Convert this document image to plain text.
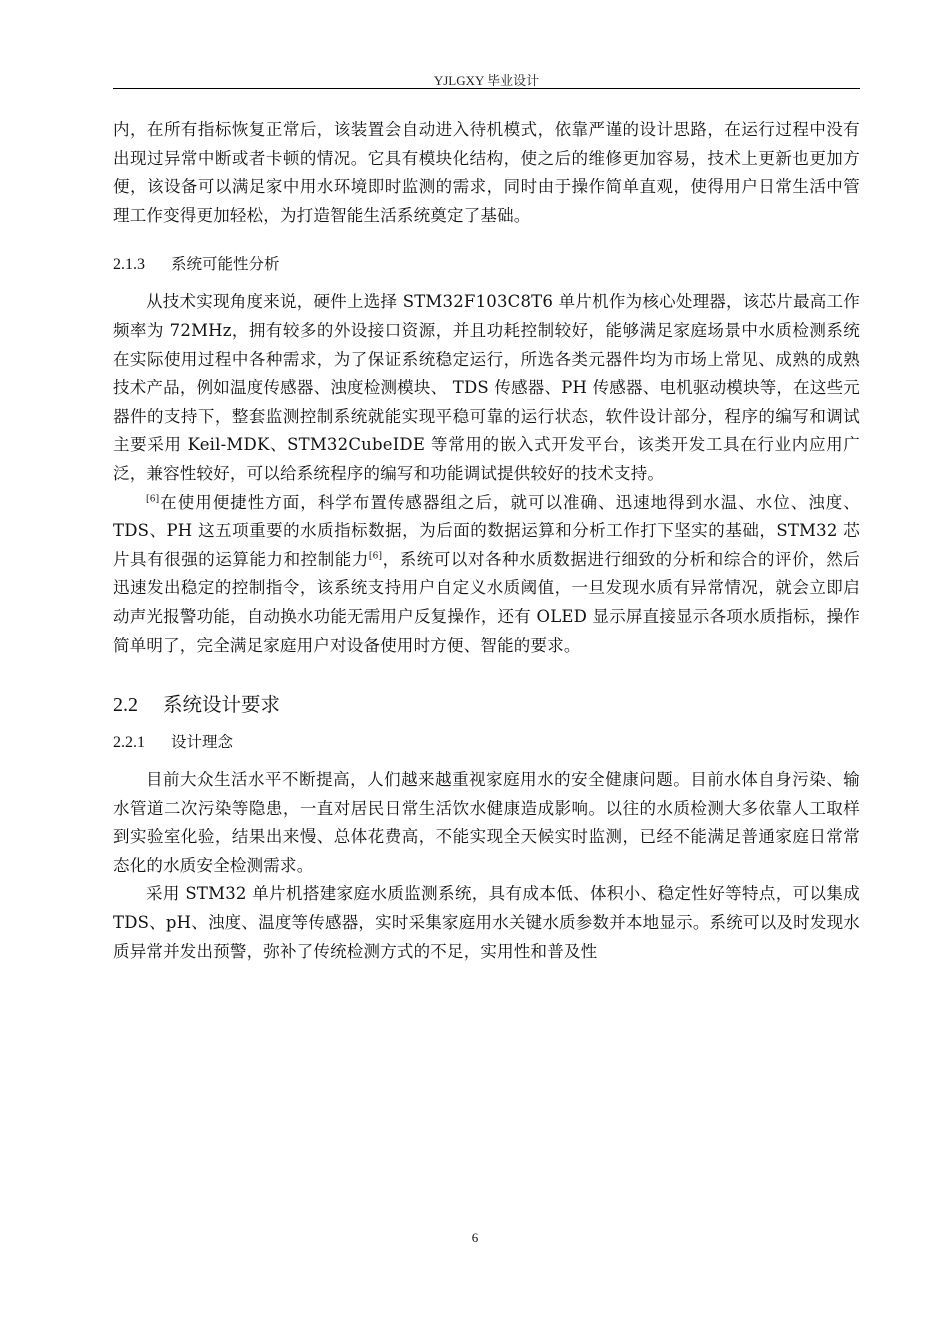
YJLGXY 毕业设计

内，在所有指标恢复正常后，该装置会自动进入待机模式，依靠严谨的设计思路，在运行过程中没有出现过异常中断或者卡顿的情况。它具有模块化结构，使之后的维修更加容易，技术上更新也更加方便，该设备可以满足家中用水环境即时监测的需求，同时由于操作简单直观，使得用户日常生活中管理工作变得更加轻松，为打造智能生活系统奠定了基础。

2.1.3 系统可能性分析

从技术实现角度来说，硬件上选择 STM32F103C8T6 单片机作为核心处理器，该芯片最高工作频率为 72MHz，拥有较多的外设接口资源，并且功耗控制较好，能够满足家庭场景中水质检测系统在实际使用过程中各种需求，为了保证系统稳定运行，所选各类元器件均为市场上常见、成熟的成熟技术产品，例如温度传感器、浊度检测模块、 TDS 传感器、PH 传感器、电机驱动模块等，在这些元器件的支持下，整套监测控制系统就能实现平稳可靠的运行状态，软件设计部分，程序的编写和调试主要采用 Keil-MDK、STM32CubeIDE 等常用的嵌入式开发平台，该类开发工具在行业内应用广泛，兼容性较好，可以给系统程序的编写和功能调试提供较好的技术支持。

[6]在使用便捷性方面，科学布置传感器组之后，就可以准确、迅速地得到水温、水位、浊度、TDS、PH 这五项重要的水质指标数据，为后面的数据运算和分析工作打下坚实的基础，STM32 芯片具有很强的运算能力和控制能力[6]，系统可以对各种水质数据进行细致的分析和综合的评价，然后迅速发出稳定的控制指令，该系统支持用户自定义水质阈值，一旦发现水质有异常情况，就会立即启动声光报警功能，自动换水功能无需用户反复操作，还有 OLED 显示屏直接显示各项水质指标，操作简单明了，完全满足家庭用户对设备使用时方便、智能的要求。

2.2 系统设计要求
2.2.1 设计理念

目前大众生活水平不断提高，人们越来越重视家庭用水的安全健康问题。目前水体自身污染、输水管道二次污染等隐患，一直对居民日常生活饮水健康造成影响。以往的水质检测大多依靠人工取样到实验室化验，结果出来慢、总体花费高，不能实现全天候实时监测，已经不能满足普通家庭日常常态化的水质安全检测需求。

采用 STM32 单片机搭建家庭水质监测系统，具有成本低、体积小、稳定性好等特点，可以集成 TDS、pH、浊度、温度等传感器，实时采集家庭用水关键水质参数并本地显示。系统可以及时发现水质异常并发出预警，弥补了传统检测方式的不足，实用性和普及性

6
